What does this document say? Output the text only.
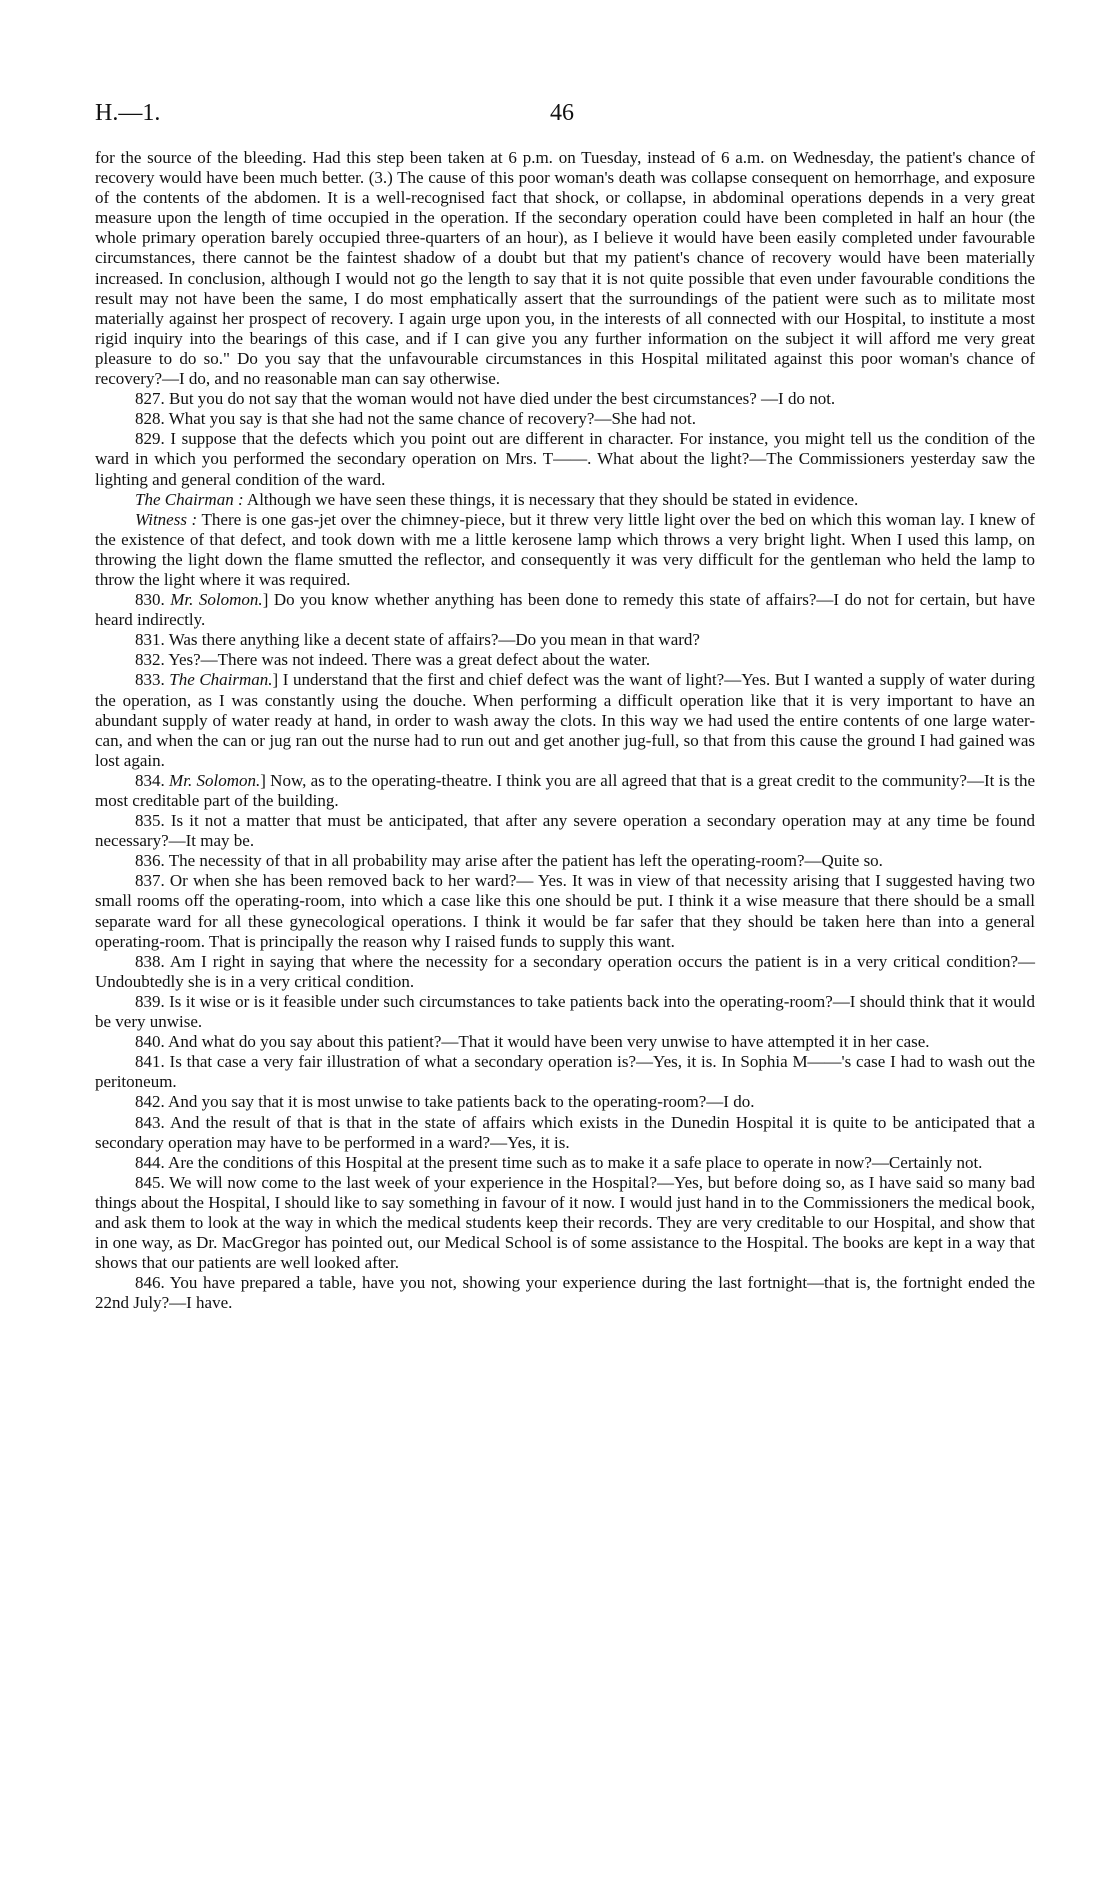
H.—1.	46

for the source of the bleeding. Had this step been taken at 6 p.m. on Tuesday, instead of 6 a.m. on Wednesday, the patient's chance of recovery would have been much better. (3.) The cause of this poor woman's death was collapse consequent on hemorrhage, and exposure of the contents of the abdomen. It is a well-recognised fact that shock, or collapse, in abdominal operations depends in a very great measure upon the length of time occupied in the operation. If the secondary operation could have been completed in half an hour (the whole primary operation barely occupied three-quarters of an hour), as I believe it would have been easily completed under favourable circumstances, there cannot be the faintest shadow of a doubt but that my patient's chance of recovery would have been materially increased. In conclusion, although I would not go the length to say that it is not quite possible that even under favourable conditions the result may not have been the same, I do most emphatically assert that the surroundings of the patient were such as to militate most materially against her prospect of recovery. I again urge upon you, in the interests of all connected with our Hospital, to institute a most rigid inquiry into the bearings of this case, and if I can give you any further information on the subject it will afford me very great pleasure to do so." Do you say that the unfavourable circumstances in this Hospital militated against this poor woman's chance of recovery?—I do, and no reasonable man can say otherwise.

827. But you do not say that the woman would not have died under the best circumstances? —I do not.

828. What you say is that she had not the same chance of recovery?—She had not.

829. I suppose that the defects which you point out are different in character. For instance, you might tell us the condition of the ward in which you performed the secondary operation on Mrs. T——. What about the light?—The Commissioners yesterday saw the lighting and general condition of the ward.

The Chairman : Although we have seen these things, it is necessary that they should be stated in evidence.

Witness : There is one gas-jet over the chimney-piece, but it threw very little light over the bed on which this woman lay. I knew of the existence of that defect, and took down with me a little kerosene lamp which throws a very bright light. When I used this lamp, on throwing the light down the flame smutted the reflector, and consequently it was very difficult for the gentleman who held the lamp to throw the light where it was required.

830. Mr. Solomon.] Do you know whether anything has been done to remedy this state of affairs?—I do not for certain, but have heard indirectly.

831. Was there anything like a decent state of affairs?—Do you mean in that ward?

832. Yes?—There was not indeed. There was a great defect about the water.

833. The Chairman.] I understand that the first and chief defect was the want of light?—Yes. But I wanted a supply of water during the operation, as I was constantly using the douche. When performing a difficult operation like that it is very important to have an abundant supply of water ready at hand, in order to wash away the clots. In this way we had used the entire contents of one large water-can, and when the can or jug ran out the nurse had to run out and get another jug-full, so that from this cause the ground I had gained was lost again.

834. Mr. Solomon.] Now, as to the operating-theatre. I think you are all agreed that that is a great credit to the community?—It is the most creditable part of the building.

835. Is it not a matter that must be anticipated, that after any severe operation a secondary operation may at any time be found necessary?—It may be.

836. The necessity of that in all probability may arise after the patient has left the operating-room?—Quite so.

837. Or when she has been removed back to her ward?— Yes. It was in view of that necessity arising that I suggested having two small rooms off the operating-room, into which a case like this one should be put. I think it a wise measure that there should be a small separate ward for all these gynecological operations. I think it would be far safer that they should be taken here than into a general operating-room. That is principally the reason why I raised funds to supply this want.

838. Am I right in saying that where the necessity for a secondary operation occurs the patient is in a very critical condition?—Undoubtedly she is in a very critical condition.

839. Is it wise or is it feasible under such circumstances to take patients back into the operating-room?—I should think that it would be very unwise.

840. And what do you say about this patient?—That it would have been very unwise to have attempted it in her case.

841. Is that case a very fair illustration of what a secondary operation is?—Yes, it is. In Sophia M——'s case I had to wash out the peritoneum.

842. And you say that it is most unwise to take patients back to the operating-room?—I do.

843. And the result of that is that in the state of affairs which exists in the Dunedin Hospital it is quite to be anticipated that a secondary operation may have to be performed in a ward?—Yes, it is.

844. Are the conditions of this Hospital at the present time such as to make it a safe place to operate in now?—Certainly not.

845. We will now come to the last week of your experience in the Hospital?—Yes, but before doing so, as I have said so many bad things about the Hospital, I should like to say something in favour of it now. I would just hand in to the Commissioners the medical book, and ask them to look at the way in which the medical students keep their records. They are very creditable to our Hospital, and show that in one way, as Dr. MacGregor has pointed out, our Medical School is of some assistance to the Hospital. The books are kept in a way that shows that our patients are well looked after.

846. You have prepared a table, have you not, showing your experience during the last fortnight—that is, the fortnight ended the 22nd July?—I have.
